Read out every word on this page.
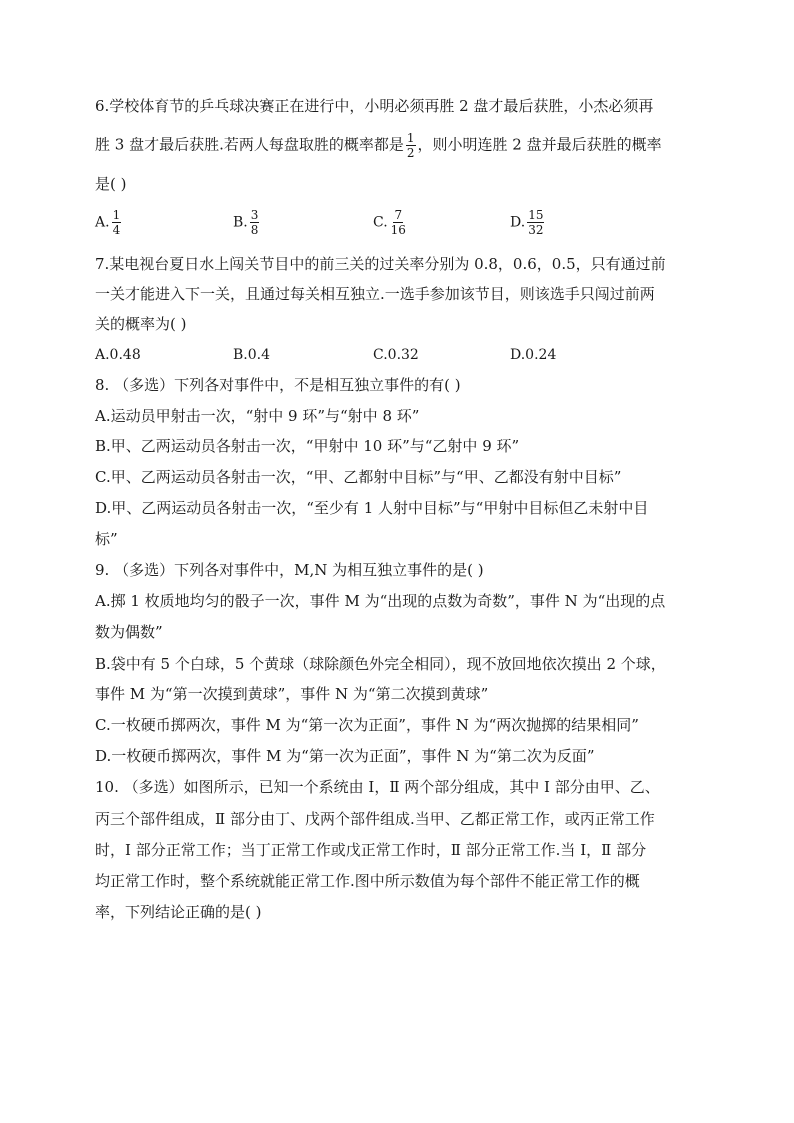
6.学校体育节的乒乓球决赛正在进行中，小明必须再胜 2 盘才最后获胜，小杰必须再
胜 3 盘才最后获胜.若两人每盘取胜的概率都是 $\frac{1}{2}$ ，则小明连胜 2 盘并最后获胜的概率
是( )
A. $\frac{1}{4}$	B. $\frac{3}{8}$	C. $\frac{7}{16}$	D. $\frac{15}{32}$
7.某电视台夏日水上闯关节目中的前三关的过关率分别为 0.8，0.6，0.5，只有通过前
一关才能进入下一关，且通过每关相互独立.一选手参加该节目，则该选手只闯过前两
关的概率为( )
A.0.48	B.0.4	C.0.32	D.0.24
8. （多选）下列各对事件中，不是相互独立事件的有( )
A.运动员甲射击一次，“射中 9 环”与“射中 8 环”
B.甲、乙两运动员各射击一次，“甲射中 10 环”与“乙射中 9 环”
C.甲、乙两运动员各射击一次，“甲、乙都射中目标”与“甲、乙都没有射中目标”
D.甲、乙两运动员各射击一次，“至少有 1 人射中目标”与“甲射中目标但乙未射中目
标”
9. （多选）下列各对事件中，M,N 为相互独立事件的是( )
A.掷 1 枚质地均匀的骰子一次，事件 M 为“出现的点数为奇数”，事件 N 为“出现的点
数为偶数”
B.袋中有 5 个白球，5 个黄球（球除颜色外完全相同），现不放回地依次摸出 2 个球，
事件 M 为“第一次摸到黄球”，事件 N 为“第二次摸到黄球”
C.一枚硬币掷两次，事件 M 为“第一次为正面”，事件 N 为“两次抛掷的结果相同”
D.一枚硬币掷两次，事件 M 为“第一次为正面”，事件 N 为“第二次为反面”
10. （多选）如图所示，已知一个系统由 Ⅰ，Ⅱ 两个部分组成，其中 Ⅰ 部分由甲、乙、
丙三个部件组成，Ⅱ 部分由丁、戊两个部件组成.当甲、乙都正常工作，或丙正常工作
时，Ⅰ 部分正常工作；当丁正常工作或戊正常工作时，Ⅱ 部分正常工作.当 Ⅰ，Ⅱ 部分
均正常工作时，整个系统就能正常工作.图中所示数值为每个部件不能正常工作的概
率，下列结论正确的是( )
